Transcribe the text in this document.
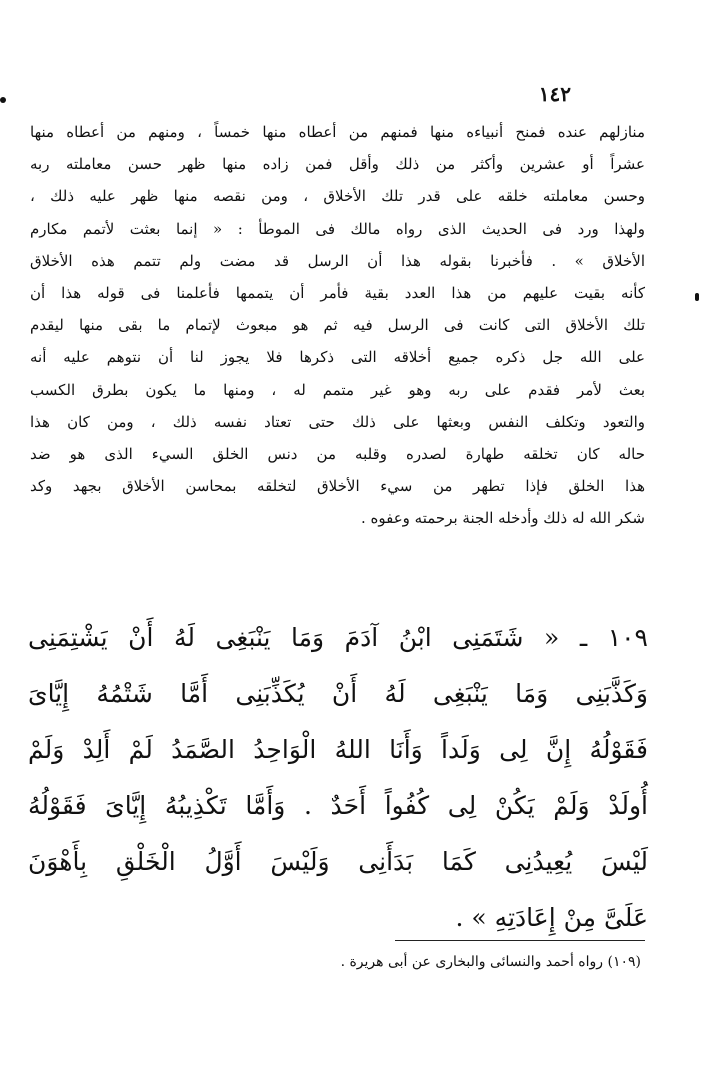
١٤٢

منازلهم عنده فمنح أنبياءه منها فمنهم من أعطاه منها خمساً ، ومنهم من أعطاه منها

عشراً أو عشرين وأكثر من ذلك وأقل فمن زاده منها ظهر حسن معاملته ربه

وحسن معاملته خلقه على قدر تلك الأخلاق ، ومن نقصه منها ظهر عليه ذلك ،

ولهذا ورد فى الحديث الذى رواه مالك فى الموطأ : « إنما بعثت لأتمم مكارم

الأخلاق » . فأخبرنا بقوله هذا أن الرسل قد مضت ولم تتمم هذه الأخلاق

كأنه بقيت عليهم من هذا العدد بقية فأمر أن يتممها فأعلمنا فى قوله هذا أن

تلك الأخلاق التى كانت فى الرسل فيه ثم هو مبعوث لإتمام ما بقى منها ليقدم

على الله جل ذكره جميع أخلاقه التى ذكرها فلا يجوز لنا أن نتوهم عليه أنه

بعث لأمر فقدم على ربه وهو غير متمم له ، ومنها ما يكون بطرق الكسب

والتعود وتكلف النفس وبعثها على ذلك حتى تعتاد نفسه ذلك ، ومن كان هذا

حاله كان تخلقه طهارة لصدره وقلبه من دنس الخلق السيء الذى هو ضد

هذا الخلق فإذا تطهر من سيء الأخلاق لتخلقه بمحاسن الأخلاق بجهد وكد

شكر الله له ذلك وأدخله الجنة برحمته وعفوه .

١٠٩ ـ « شَتَمَنِى ابْنُ آدَمَ وَمَا يَنْبَغِى لَهُ أَنْ يَشْتِمَنِى

وَكَذَّبَنِى وَمَا يَنْبَغِى لَهُ أَنْ يُكَذِّبَنِى أَمَّا شَتْمُهُ إِيَّاىَ

فَقَوْلُهُ إِنَّ لِى وَلَداً وَأَنَا اللهُ الْوَاحِدُ الصَّمَدُ لَمْ أَلِدْ وَلَمْ

أُولَدْ وَلَمْ يَكُنْ لِى كُفُواً أَحَدٌ . وَأَمَّا تَكْذِيبُهُ إِيَّاىَ فَقَوْلُهُ

لَيْسَ يُعِيدُنِى كَمَا بَدَأَنِى وَلَيْسَ أَوَّلُ الْخَلْقِ بِأَهْوَنَ

عَلَىَّ مِنْ إِعَادَتِهِ » .

(١٠٩) رواه أحمد والنسائى والبخارى عن أبى هريرة .
